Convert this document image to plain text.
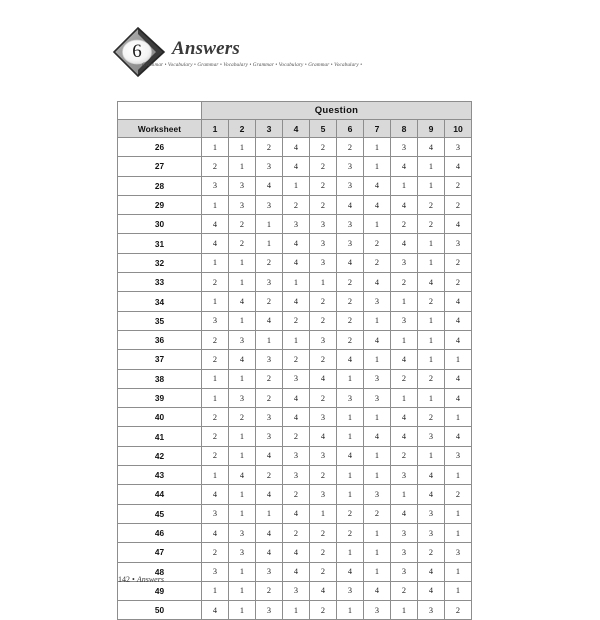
6 Answers
Grammar • Vocabulary • Grammar • Vocabulary • Grammar • Vocabulary • Grammar • Vocabulary •
	Question									
Worksheet	1	2	3	4	5	6	7	8	9	10
26	1	1	2	4	2	2	1	3	4	3
27	2	1	3	4	2	3	1	4	1	4
28	3	3	4	1	2	3	4	1	1	2
29	1	3	3	2	2	4	4	4	2	2
30	4	2	1	3	3	3	1	2	2	4
31	4	2	1	4	3	3	2	4	1	3
32	1	1	2	4	3	4	2	3	1	2
33	2	1	3	1	1	2	4	2	4	2
34	1	4	2	4	2	2	3	1	2	4
35	3	1	4	2	2	2	1	3	1	4
36	2	3	1	1	3	2	4	1	1	4
37	2	4	3	2	2	4	1	4	1	1
38	1	1	2	3	4	1	3	2	2	4
39	1	3	2	4	2	3	3	1	1	4
40	2	2	3	4	3	1	1	4	2	1
41	2	1	3	2	4	1	4	4	3	4
42	2	1	4	3	3	4	1	2	1	3
43	1	4	2	3	2	1	1	3	4	1
44	4	1	4	2	3	1	3	1	4	2
45	3	1	1	4	1	2	2	4	3	1
46	4	3	4	2	2	2	1	3	3	1
47	2	3	4	4	2	1	1	3	2	3
48	3	1	3	4	2	4	1	3	4	1
49	1	1	2	3	4	3	4	2	4	1
50	4	1	3	1	2	1	3	1	3	2
142 • Answers
